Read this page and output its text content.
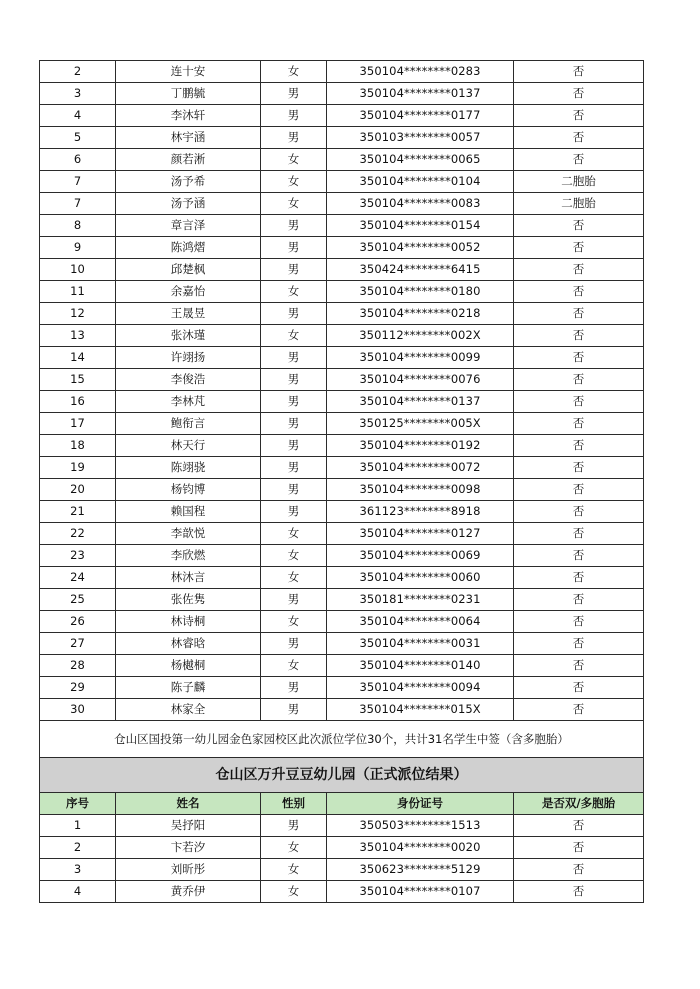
2	连十安	女	350104********0283	否
3	丁鹏毓	男	350104********0137	否
4	李沐轩	男	350104********0177	否
5	林宇涵	男	350103********0057	否
6	颜若淅	女	350104********0065	否
7	汤予希	女	350104********0104	二胞胎
7	汤予涵	女	350104********0083	二胞胎
8	章言泽	男	350104********0154	否
9	陈鸿熠	男	350104********0052	否
10	邱楚枫	男	350424********6415	否
11	余嘉怡	女	350104********0180	否
12	王晟昱	男	350104********0218	否
13	张沐瑾	女	350112********002X	否
14	许翊扬	男	350104********0099	否
15	李俊浩	男	350104********0076	否
16	李林芃	男	350104********0137	否
17	鲍衔言	男	350125********005X	否
18	林天行	男	350104********0192	否
19	陈翊骁	男	350104********0072	否
20	杨钧博	男	350104********0098	否
21	赖国程	男	361123********8918	否
22	李歆悦	女	350104********0127	否
23	李欣燃	女	350104********0069	否
24	林沐言	女	350104********0060	否
25	张佐隽	男	350181********0231	否
26	林诗桐	女	350104********0064	否
27	林睿晗	男	350104********0031	否
28	杨樾桐	女	350104********0140	否
29	陈子麟	男	350104********0094	否
30	林家全	男	350104********015X	否
仓山区国投第一幼儿园金色家园校区此次派位学位30个，共计31名学生中签（含多胞胎）				
仓山区万升豆豆幼儿园（正式派位结果）				
序号	姓名	性别	身份证号	是否双/多胞胎
1	吴抒阳	男	350503********1513	否
2	卞若汐	女	350104********0020	否
3	刘昕彤	女	350623********5129	否
4	黄乔伊	女	350104********0107	否
